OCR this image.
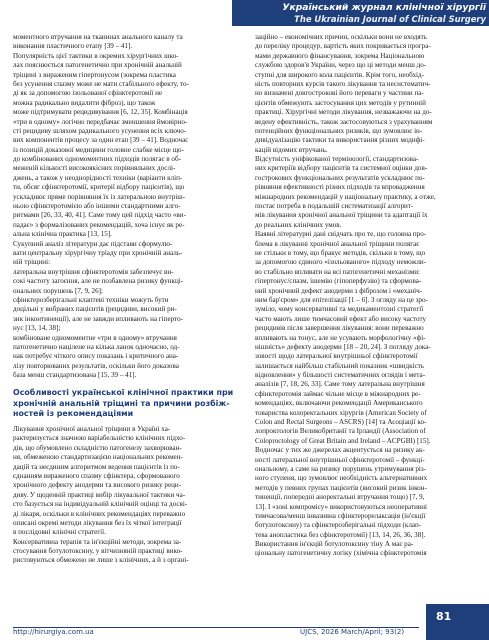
Український журнал клінічної хірургії
The Ukrainian Journal of Clinical Surgery
моментного втручання на тканинах анального каналу та
виконання пластичного етапу [39 – 41].
Популярність цієї тактики в окремих хірургічних шко-
лах пояснюється патогенетично при хронічній анальній
тріщині з вираженим гіпертонусом (зокрема пластика
без усунення спазму може не мати стабільного ефекту, то-
ді як за допомогою ізольованої сфінктеротомії не
можна радикально видалити фіброз), що також
може підтримувати рецидивування [6, 12, 35]. Комбінація
«три в одному» логічно передбачає зменшення ймовірно-
сті рецидиву шляхом радикального усунення всіх ключо-
вих компонентів процесу за один етап [39 – 41]. Водночас
із позицій доказової медицини головне слабке місце що-
до комбінованих одномоментних підходів полягає в об-
меженій кількості високоякісних порівняльних дослі-
джень, а також у неоднорідності техніки (варіанти кліп-
ти, обсяг сфінктеротомії, критерії відбору пацієнтів), що
ускладнює пряме порівняння їх із латеральною внутріш-
ньою сфінктеротомією або іншими стандартними алго-
ритмами [26, 33, 40, 41]. Саме тому цей підхід часто «ви-
падає» з формалізованих рекомендацій, хоча існує як ре-
альна клінічна практика [13, 15].
Сукупний аналіз літератури дає підстави сформулю-
вати центральну хірургічну тріаду при хронічній аналь-
ній тріщині:
латеральна внутрішня сфінктеротомія забезпечує ви-
сокі частоту загоєння, але не позбавлена ризику функці-
ональних порушень [7, 9, 26];
сфінктерозберігальні клаптеві техніки можуть бути
доцільні у вибраних пацієнтів (рецидиви, високий ри-
зик інконтиненції), але не завжди впливають на гіперто-
нус [13, 14, 38];
комбіноване одномоментне «три в одному» втручання
патогенетично націлене на кілька ланок одночасно, од-
нак потребує чіткого опису показань і критичного ана-
лізу повторюваних результатів, оскільки його доказова
база менш стандартизована [15, 39 – 41].
Особливості української клінічної практики при
хронічній анальній тріщині та причини розбіж-
ностей із рекомендаціями
Лікування хронічної анальної тріщини в Україні ха-
рактеризується значною варіабельністю клінічних підхо-
дів, що обумовлено складністю патогенезу захворюван-
ня, обмеженою стандартизацією національних рекомен-
дацій та неєдиним алгоритмом ведення пацієнтів із по-
єднанням вираженого спазму сфінктера, сформованого
хронічного дефекту анодерми та високого ризику реци-
диву. У щоденній практиці вибір лікувальної тактики ча-
сто базується на індивідуальній клінічній оцінці та досві-
ді лікаря, оскільки в клінічних рекомендаціях переважно
описані окремі методи лікування без їх чіткої інтеграції
в послідовні клінічні стратегії.
Консервативна терапія та ін'єкційні методи, зокрема за-
стосування ботулотоксину, у вітчизняній практиці вико-
ристовуються обмежено не лише з клінічних, а й з органі-
заційно – економічних причин, оскільки вони не входять
до переліку процедур, вартість яких покривається програ-
мами державного фінансування, зокрема Національною
службою здоров'я України, через що ці методи менш до-
ступні для широкого кола пацієнтів. Крім того, необхід-
ність повторних курсів такого лікування та несистематич-
но визначені довгострокові його переваги у частини па-
цієнтів обмежують застосування цих методів у рутинній
практиці. Хірургічні методи лікування, незважаючи на до-
ведену ефективність, також застосовуються з урахуванням
потенційних функціональних ризиків, що зумовлює ін-
дивідуалізацію тактики та використання різних модифі-
кацій відомих втручань.
Відсутність уніфікованої термінології, стандартизова-
них критеріїв відбору пацієнтів та системної оцінки дов-
гострокових функціональних результатів ускладнює по-
рівняння ефективності різних підходів та впровадження
міжнародних рекомендацій у національну практику, а отже,
постає потреба в подальшій систематизації алгорит-
мів лікування хронічної анальної тріщини та адаптації їх
до реальних клінічних умов.
Наявні літературні дані свідчать про те, що головна про-
блема в лікуванні хронічної анальної тріщини полягає
не стільки в тому, що бракує методів, скільки в тому, що
за допомогою єдиного «ізольованого» підходу неможли-
во стабільно впливати на всі патогенетичні механізми:
гіпертонус/спазм, ішемію (гіпоперфузію) та сформова-
ний хронічний дефект анодерми з фіброзом і «механіч-
ним бар'єром» для епітелізації [1 – 6]. З огляду на це зро-
зуміло, чому консервативні та медикаментозні стратегії
часто мають лише тимчасовий ефект або високу частоту
рецидивів після завершення лікування: вони переважно
впливають на тонус, але не усувають морфологічну «фі-
нішність» дефекту анодерми [18 – 20, 24]. З погляду дока-
зовості щодо латеральної внутрішньої сфінктеротомії
залишається найбільш стабільний показник «швидкість
відновлення» у більшості систематичних оглядів і мета-
аналізів [7, 18, 26, 33]. Саме тому латеральна внутрішня
сфінктеротомія займає чільне місце в міжнародних ре-
комендаціях, включаючи рекомендації Американського
товариства колоректальних хірургів (American Society of
Colon and Rectal Surgeons – ASCRS) [14] та Асоціації ко-
лопроктологів Великобританії та Ірландії (Association of
Coloproctology of Great Britain and Ireland – ACPGBI) [15].
Водночас у тих же джерелах акцентується на ризику ак-
ності латеральної внутрішньої сфінктеротомії – функці-
ональному, а саме на ризику порушень утримування різ-
ного ступеня, що зумовлює необхідність альтернативних
методів у певних групах пацієнтів (високий ризик інкон-
тиненції, попередні аноректальні втручання тощо) [7, 9,
13]. І «зоні компромісу» використовуються неоперативні
тимчасова/менш інвазивна сфінктерорелаксація (ін'єкції
ботулотоксину) та сфінктерозберігальні підходи (клап-
тева анопластика без сфінктеротомії) [13, 14, 26, 36, 38].
Використання ін'єкцій ботулотоксину тіну А має ра-
ціональну патогенетичну логіку (хімічна сфінктеротомія
http://hirurgiya.com.ua	UJCS, 2026 March/April; 93(2)
81
